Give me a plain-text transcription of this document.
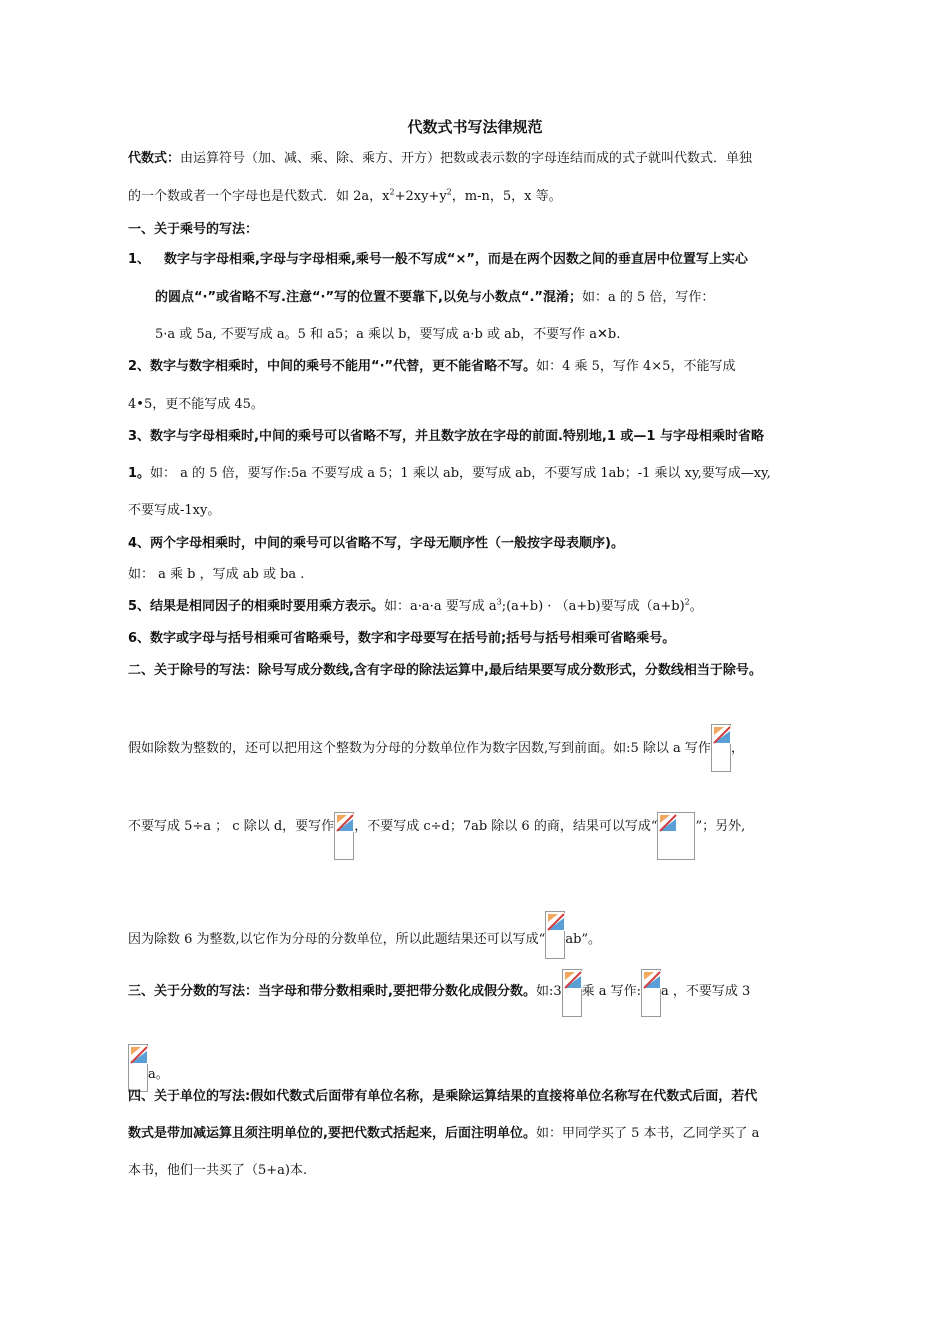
代数式书写法律规范
代数式：由运算符号（加、减、乘、除、乘方、开方）把数或表示数的字母连结而成的式子就叫代数式．单独
的一个数或者一个字母也是代数式．如 2a，$x^2+2xy+y^2$，m-n，5，x 等。
一、关于乘号的写法：
1、 数字与字母相乘,字母与字母相乘,乘号一般不写成“×”，而是在两个因数之间的垂直居中位置写上实心
的圆点“·”或省略不写.注意“·”写的位置不要靠下,以免与小数点“.”混淆；如：a 的 5 倍，写作：
5·a 或 5a, 不要写成 a。5 和 a5；a 乘以 b，要写成 a·b 或 ab，不要写作 a✕b.
2、数字与数字相乘时，中间的乘号不能用“·”代替，更不能省略不写。如：4 乘 5，写作 4×5，不能写成
4•5，更不能写成 45。
3、数字与字母相乘时,中间的乘号可以省略不写，并且数字放在字母的前面.特别地,1 或—1 与字母相乘时省略
1。如： a 的 5 倍，要写作:5a 不要写成 a 5；1 乘以 ab，要写成 ab，不要写成 1ab；-1 乘以 xy,要写成—xy,
不要写成-1xy。
4、两个字母相乘时，中间的乘号可以省略不写，字母无顺序性（一般按字母表顺序)。
如： a 乘 b ，写成 ab 或 ba .
5、结果是相同因子的相乘时要用乘方表示。如：a·a·a 要写成 $a^3;(a+b) \cdot (a+b)$要写成（a+b)$^2$。
6、数字或字母与括号相乘可省略乘号，数字和字母要写在括号前;括号与括号相乘可省略乘号。
二、关于除号的写法：除号写成分数线,含有字母的除法运算中,最后结果要写成分数形式，分数线相当于除号。
假如除数为整数的，还可以把用这个整数为分母的分数单位作为数字因数,写到前面。如:5 除以 a 写作 ，
不要写成 5÷a ； c 除以 d，要写作 ，不要写成 c÷d；7ab 除以 6 的商，结果可以写成“	”；另外,
因为除数 6 为整数,以它作为分母的分数单位，所以此题结果还可以写成“ ab”。
三、关于分数的写法：当字母和带分数相乘时,要把带分数化成假分数。如:3 乘 a 写作: a ，不要写成 3
a。
四、关于单位的写法:假如代数式后面带有单位名称，是乘除运算结果的直接将单位名称写在代数式后面，若代
数式是带加减运算且须注明单位的,要把代数式括起来，后面注明单位。如：甲同学买了 5 本书，乙同学买了 a
本书，他们一共买了（5+a)本.
